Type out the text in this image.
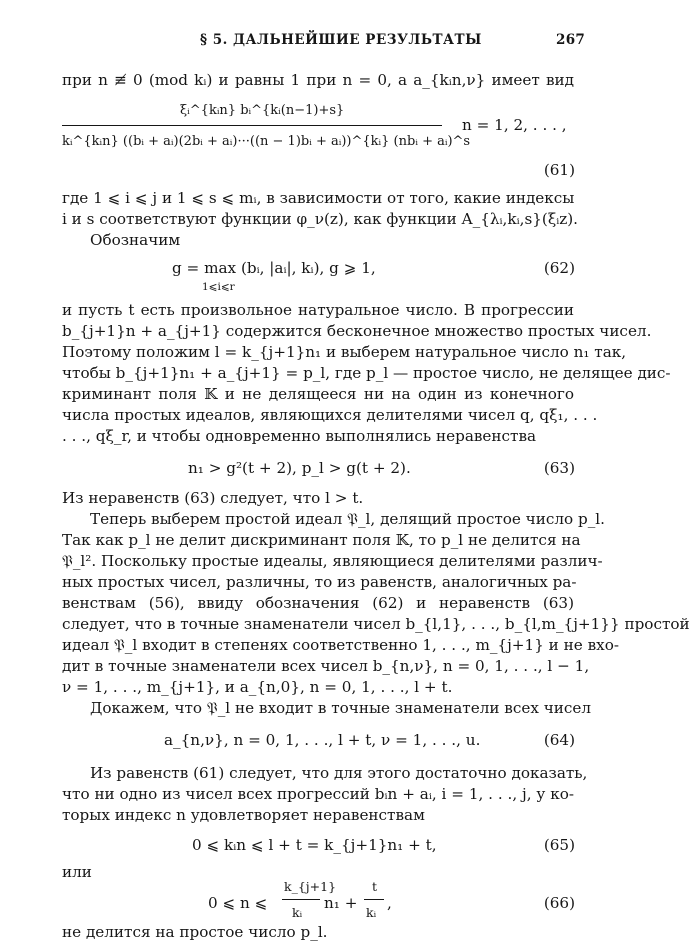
§ 5. ДАЛЬНЕЙШИЕ РЕЗУЛЬТАТЫ	267
при n ≢ 0 (mod kᵢ) и равны 1 при n = 0, а a_{kᵢn,ν} имеет вид
ξᵢ^{kᵢn} bᵢ^{kᵢ(n−1)+s}
kᵢ^{kᵢn} ((bᵢ + aᵢ)(2bᵢ + aᵢ)···((n − 1)bᵢ + aᵢ))^{kᵢ} (nbᵢ + aᵢ)^s
n = 1, 2, . . . ,
(61)
где 1 ⩽ i ⩽ j и 1 ⩽ s ⩽ mᵢ, в зависимости от того, какие индексы
i и s соответствуют функции φ_ν(z), как функции A_{λᵢ,kᵢ,s}(ξᵢz).
Обозначим
g = max (bᵢ, |aᵢ|, kᵢ), g ⩾ 1,
1⩽i⩽r
(62)
и пусть t есть произвольное натуральное число. В прогрессии
b_{j+1}n + a_{j+1} содержится бесконечное множество простых чисел.
Поэтому положим l = k_{j+1}n₁ и выберем натуральное число n₁ так,
чтобы b_{j+1}n₁ + a_{j+1} = p_l, где p_l — простое число, не делящее дис-
криминант поля 𝕂 и не делящееся ни на один из конечного
числа простых идеалов, являющихся делителями чисел q, qξ₁, . . .
. . ., qξ_r, и чтобы одновременно выполнялись неравенства
n₁ > g²(t + 2), p_l > g(t + 2).	(63)
Из неравенств (63) следует, что l > t.
Теперь выберем простой идеал 𝔓_l, делящий простое число p_l.
Так как p_l не делит дискриминант поля 𝕂, то p_l не делится на
𝔓_l². Поскольку простые идеалы, являющиеся делителями различ-
ных простых чисел, различны, то из равенств, аналогичных ра-
венствам (56), ввиду обозначения (62) и неравенств (63)
следует, что в точные знаменатели чисел b_{l,1}, . . ., b_{l,m_{j+1}} простой
идеал 𝔓_l входит в степенях соответственно 1, . . ., m_{j+1} и не вхо-
дит в точные знаменатели всех чисел b_{n,ν}, n = 0, 1, . . ., l − 1,
ν = 1, . . ., m_{j+1}, и a_{n,0}, n = 0, 1, . . ., l + t.
Докажем, что 𝔓_l не входит в точные знаменатели всех чисел
a_{n,ν}, n = 0, 1, . . ., l + t, ν = 1, . . ., u.	(64)
Из равенств (61) следует, что для этого достаточно доказать,
что ни одно из чисел всех прогрессий bᵢn + aᵢ, i = 1, . . ., j, у ко-
торых индекс n удовлетворяет неравенствам
0 ⩽ kᵢn ⩽ l + t = k_{j+1}n₁ + t,	(65)
или
0 ⩽ n ⩽
k_{j+1}
kᵢ
n₁ +
t
kᵢ
,	(66)
не делится на простое число p_l.
